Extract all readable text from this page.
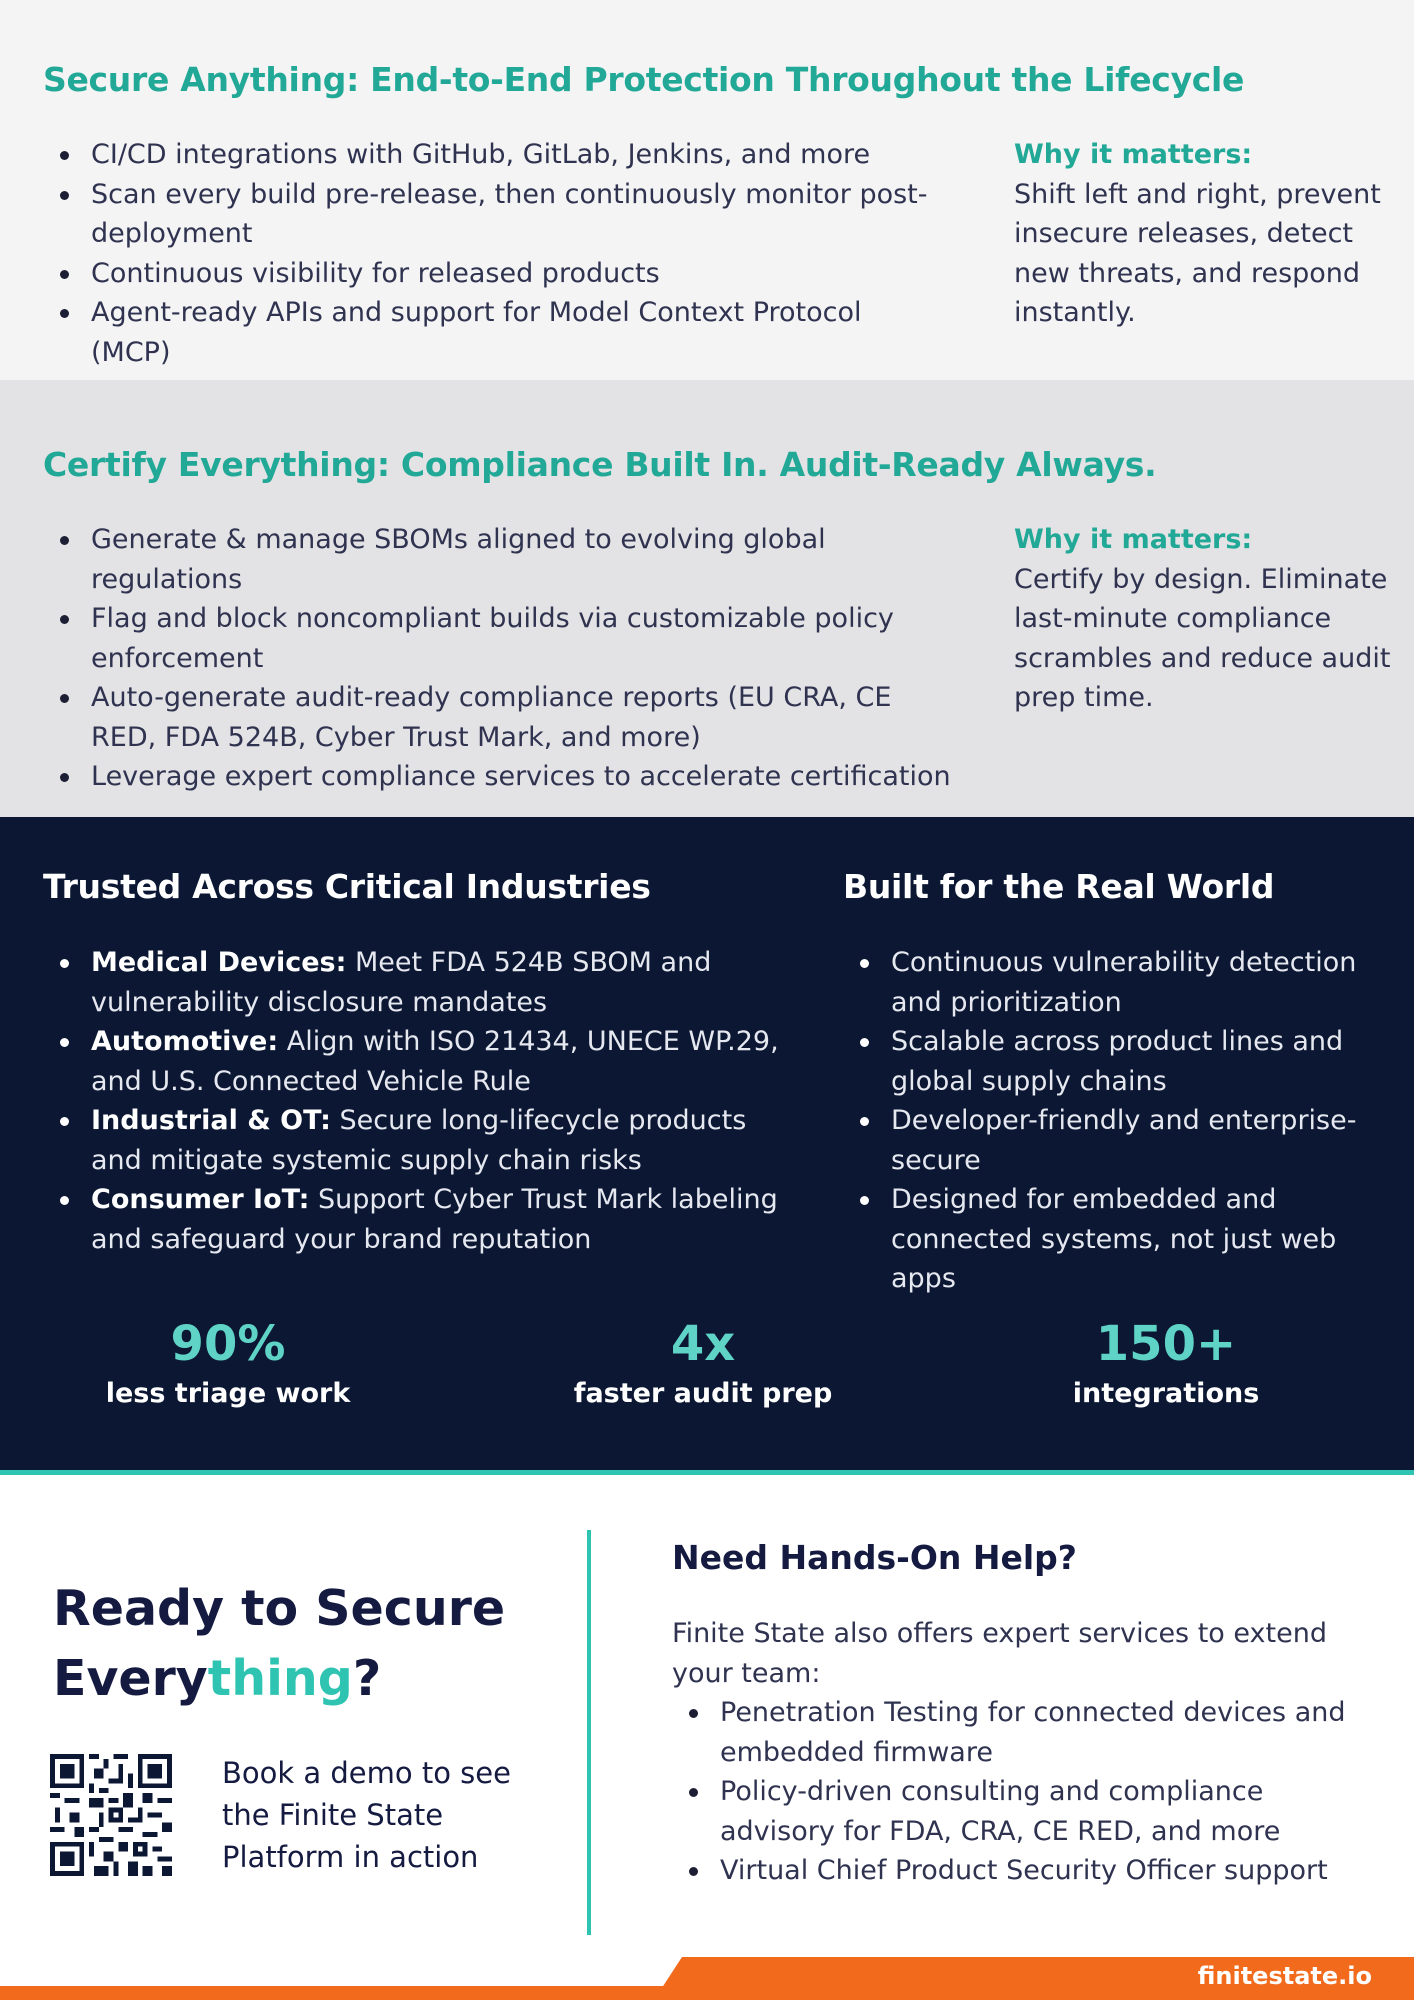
Secure Anything: End-to-End Protection Throughout the Lifecycle
CI/CD integrations with GitHub, GitLab, Jenkins, and more
Scan every build pre-release, then continuously monitor post-deployment
Continuous visibility for released products
Agent-ready APIs and support for Model Context Protocol (MCP)
Why it matters:
Shift left and right, prevent insecure releases, detect new threats, and respond instantly.
Certify Everything: Compliance Built In. Audit-Ready Always.
Generate & manage SBOMs aligned to evolving global regulations
Flag and block noncompliant builds via customizable policy enforcement
Auto-generate audit-ready compliance reports (EU CRA, CE RED, FDA 524B, Cyber Trust Mark, and more)
Leverage expert compliance services to accelerate certification
Why it matters:
Certify by design. Eliminate last-minute compliance scrambles and reduce audit prep time.
Trusted Across Critical Industries
Medical Devices: Meet FDA 524B SBOM and vulnerability disclosure mandates
Automotive: Align with ISO 21434, UNECE WP.29, and U.S. Connected Vehicle Rule
Industrial & OT: Secure long-lifecycle products and mitigate systemic supply chain risks
Consumer IoT: Support Cyber Trust Mark labeling and safeguard your brand reputation
Built for the Real World
Continuous vulnerability detection and prioritization
Scalable across product lines and global supply chains
Developer-friendly and enterprise-secure
Designed for embedded and connected systems, not just web apps
90%
less triage work
4x
faster audit prep
150+
integrations
Ready to Secure
Everything?
Book a demo to see the Finite State Platform in action
Need Hands-On Help?
Finite State also offers expert services to extend your team:
Penetration Testing for connected devices and embedded firmware
Policy-driven consulting and compliance advisory for FDA, CRA, CE RED, and more
Virtual Chief Product Security Officer support
finitestate.io
